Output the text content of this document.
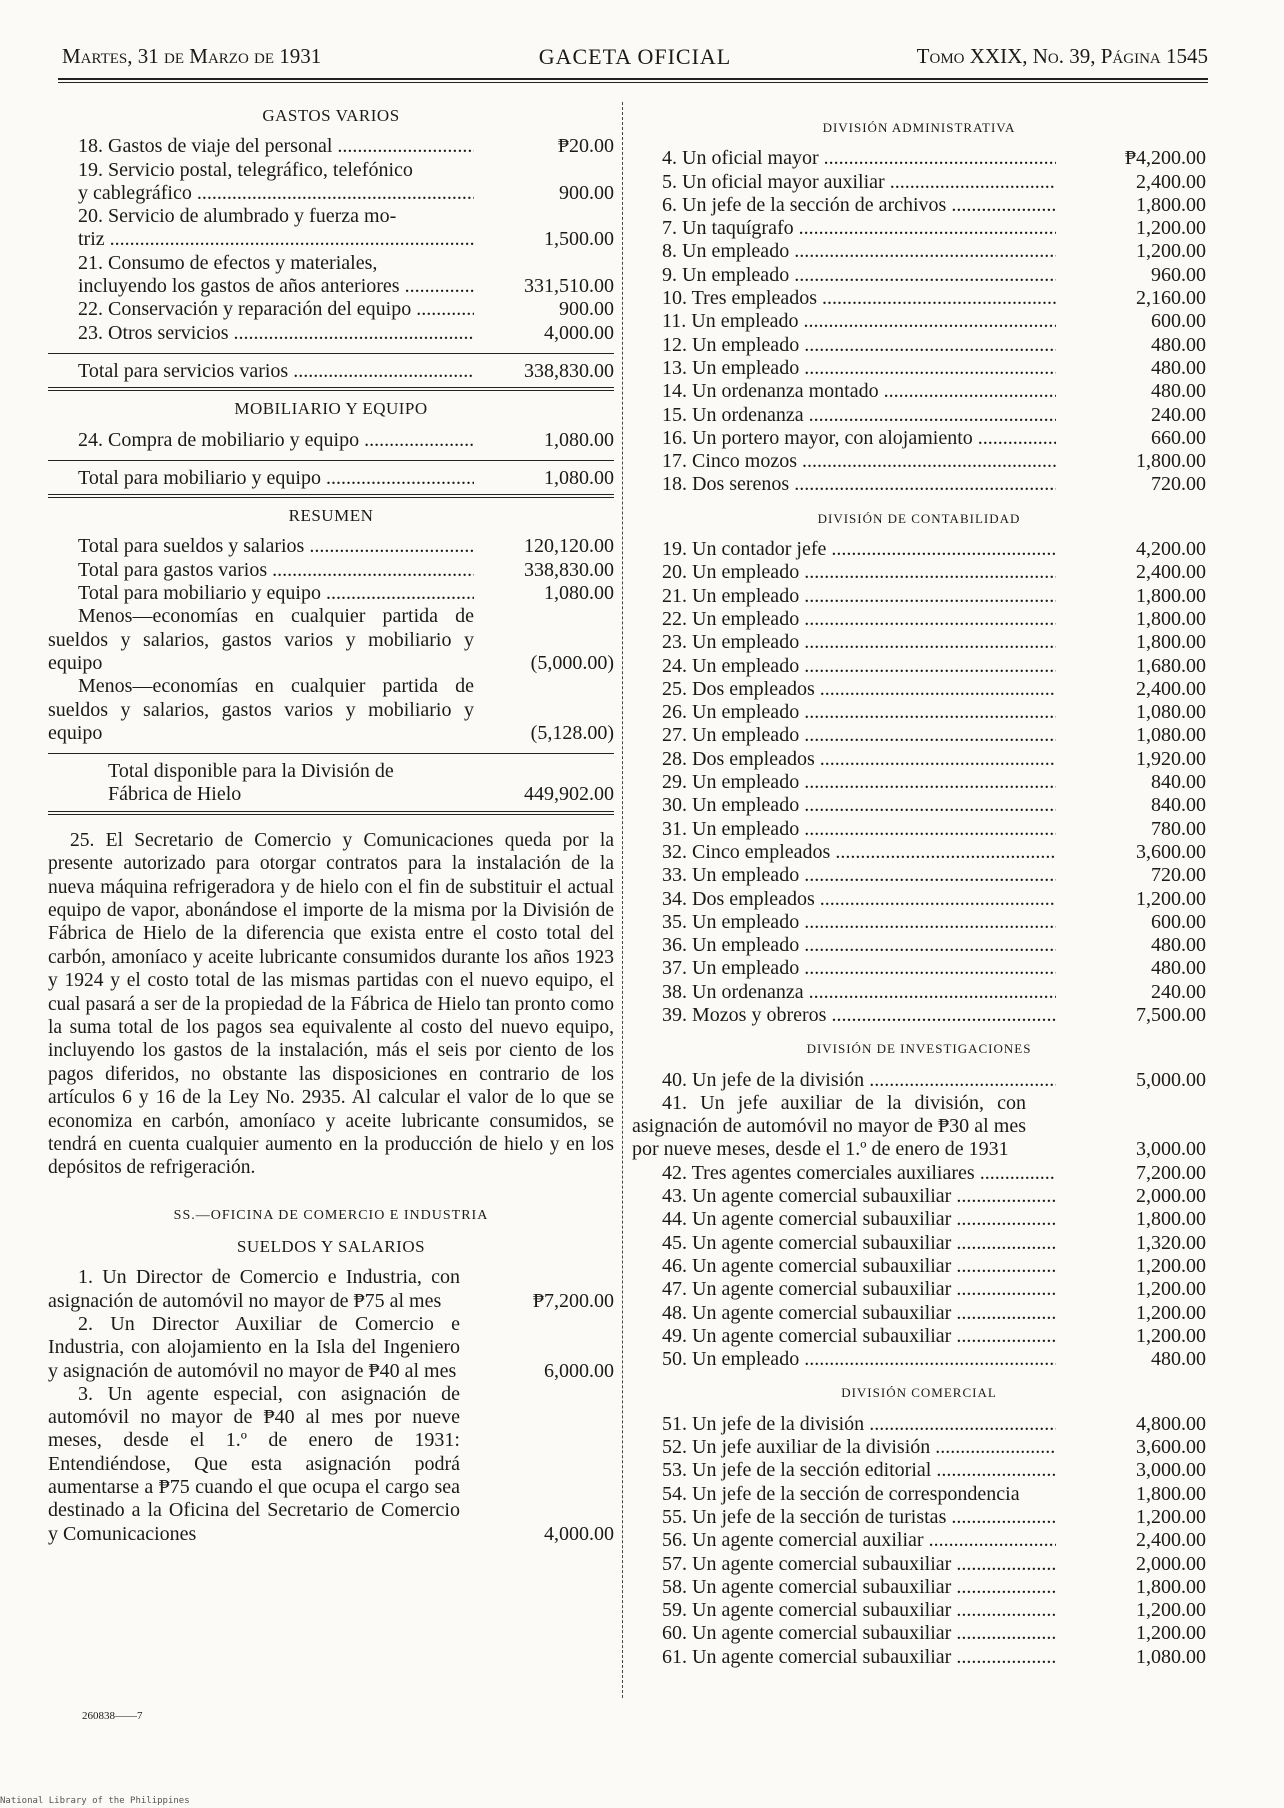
GACETA OFICIAL
Martes, 31 de Marzo de 1931	Tomo XXIX, No. 39, Página 1545
GASTOS VARIOS
18. Gastos de viaje del personal .....	₱20.00
19. Servicio postal, telegráfico, telefónico
y cablegráfico .....	900.00
20. Servicio de alumbrado y fuerza mo-
triz .....	1,500.00
21. Consumo de efectos y materiales,
incluyendo los gastos de años anteriores .....	331,510.00
22. Conservación y reparación del equipo .....	900.00
23. Otros servicios .....	4,000.00
Total para servicios varios .....	338,830.00
MOBILIARIO Y EQUIPO
24. Compra de mobiliario y equipo .....	1,080.00
Total para mobiliario y equipo .....	1,080.00
RESUMEN
Total para sueldos y salarios .....	120,120.00
Total para gastos varios .....	338,830.00
Total para mobiliario y equipo .....	1,080.00
Menos—economías en cualquier partida de sueldos y salarios, gastos varios y mobiliario y equipo	(5,000.00)
Menos—economías en cualquier partida de sueldos y salarios, gastos varios y mobiliario y equipo	(5,128.00)
Total disponible para la División de Fábrica de Hielo	449,902.00
25. El Secretario de Comercio y Comunicaciones queda por la presente autorizado para otorgar contratos para la instalación de la nueva máquina refrigeradora y de hielo con el fin de substituir el actual equipo de vapor, abonándose el importe de la misma por la División de Fábrica de Hielo de la diferencia que exista entre el costo total del carbón, amoníaco y aceite lubricante consumidos durante los años 1923 y 1924 y el costo total de las mismas partidas con el nuevo equipo, el cual pasará a ser de la propiedad de la Fábrica de Hielo tan pronto como la suma total de los pagos sea equivalente al costo del nuevo equipo, incluyendo los gastos de la instalación, más el seis por ciento de los pagos diferidos, no obstante las disposiciones en contrario de los artículos 6 y 16 de la Ley No. 2935. Al calcular el valor de lo que se economiza en carbón, amoníaco y aceite lubricante consumidos, se tendrá en cuenta cualquier aumento en la producción de hielo y en los depósitos de refrigeración.
SS.—OFICINA DE COMERCIO E INDUSTRIA
SUELDOS Y SALARIOS
1. Un Director de Comercio e Industria, con asignación de automóvil no mayor de ₱75 al mes	₱7,200.00
2. Un Director Auxiliar de Comercio e Industria, con alojamiento en la Isla del Ingeniero y asignación de automóvil no mayor de ₱40 al mes	6,000.00
3. Un agente especial, con asignación de automóvil no mayor de ₱40 al mes por nueve meses, desde el 1.º de enero de 1931: Entendiéndose, Que esta asignación podrá aumentarse a ₱75 cuando el que ocupa el cargo sea destinado a la Oficina del Secretario de Comercio y Comunicaciones	4,000.00
DIVISIÓN ADMINISTRATIVA
4. Un oficial mayor .....	₱4,200.00
5. Un oficial mayor auxiliar .....	2,400.00
6. Un jefe de la sección de archivos .....	1,800.00
7. Un taquígrafo .....	1,200.00
8. Un empleado .....	1,200.00
9. Un empleado .....	960.00
10. Tres empleados .....	2,160.00
11. Un empleado .....	600.00
12. Un empleado .....	480.00
13. Un empleado .....	480.00
14. Un ordenanza montado .....	480.00
15. Un ordenanza .....	240.00
16. Un portero mayor, con alojamiento .....	660.00
17. Cinco mozos .....	1,800.00
18. Dos serenos .....	720.00
DIVISIÓN DE CONTABILIDAD
19. Un contador jefe .....	4,200.00
20. Un empleado .....	2,400.00
21. Un empleado .....	1,800.00
22. Un empleado .....	1,800.00
23. Un empleado .....	1,800.00
24. Un empleado .....	1,680.00
25. Dos empleados .....	2,400.00
26. Un empleado .....	1,080.00
27. Un empleado .....	1,080.00
28. Dos empleados .....	1,920.00
29. Un empleado .....	840.00
30. Un empleado .....	840.00
31. Un empleado .....	780.00
32. Cinco empleados .....	3,600.00
33. Un empleado .....	720.00
34. Dos empleados .....	1,200.00
35. Un empleado .....	600.00
36. Un empleado .....	480.00
37. Un empleado .....	480.00
38. Un ordenanza .....	240.00
39. Mozos y obreros .....	7,500.00
DIVISIÓN DE INVESTIGACIONES
40. Un jefe de la división .....	5,000.00
41. Un jefe auxiliar de la división, con asignación de automóvil no mayor de ₱30 al mes por nueve meses, desde el 1.º de enero de 1931	3,000.00
42. Tres agentes comerciales auxiliares .....	7,200.00
43. Un agente comercial subauxiliar .....	2,000.00
44. Un agente comercial subauxiliar .....	1,800.00
45. Un agente comercial subauxiliar .....	1,320.00
46. Un agente comercial subauxiliar .....	1,200.00
47. Un agente comercial subauxiliar .....	1,200.00
48. Un agente comercial subauxiliar .....	1,200.00
49. Un agente comercial subauxiliar .....	1,200.00
50. Un empleado .....	480.00
DIVISIÓN COMERCIAL
51. Un jefe de la división .....	4,800.00
52. Un jefe auxiliar de la división .....	3,600.00
53. Un jefe de la sección editorial .....	3,000.00
54. Un jefe de la sección de correspondencia	1,800.00
55. Un jefe de la sección de turistas .....	1,200.00
56. Un agente comercial auxiliar .....	2,400.00
57. Un agente comercial subauxiliar .....	2,000.00
58. Un agente comercial subauxiliar .....	1,800.00
59. Un agente comercial subauxiliar .....	1,200.00
60. Un agente comercial subauxiliar .....	1,200.00
61. Un agente comercial subauxiliar .....	1,080.00
260838——7
National Library of the Philippines
